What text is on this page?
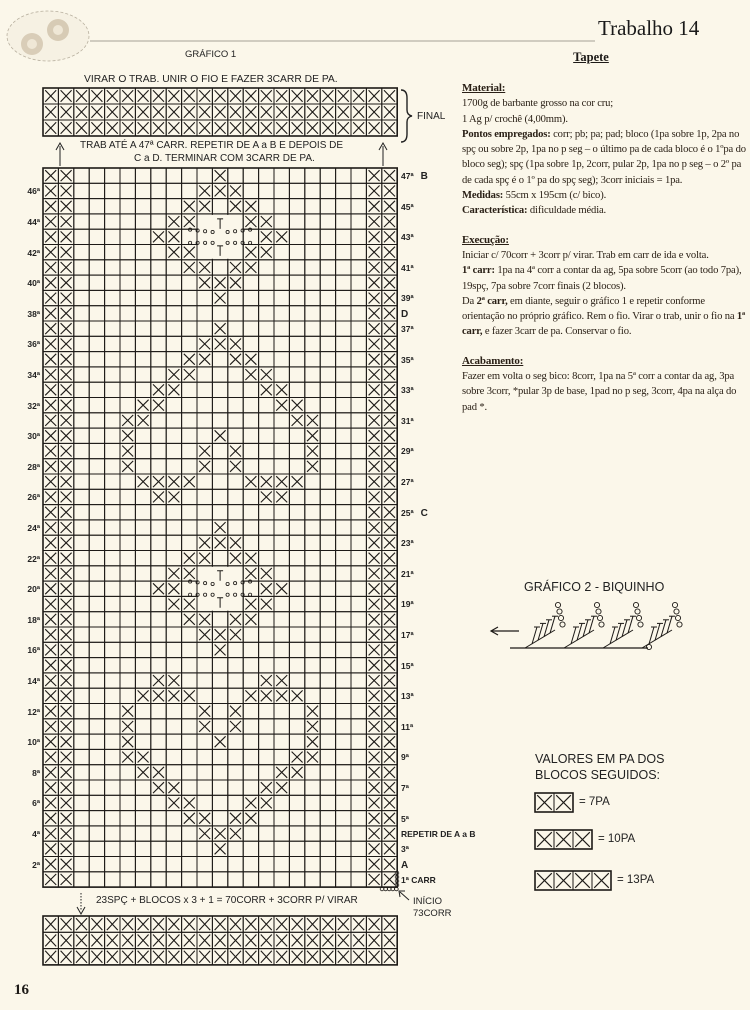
Trabalho 14
Tapete
GRÁFICO 1
VIRAR O TRAB. UNIR O FIO E FAZER 3CARR DE PA.
FINAL
TRAB ATÉ A 47ª CARR. REPETIR DE A a B E DEPOIS DE
C a D. TERMINAR COM 3CARR DE PA.
23SPÇ + BLOCOS x 3 + 1 = 70CORR + 3CORR P/ VIRAR	INÍCIO
73CORR
46ª
44ª
42ª
40ª
38ª
36ª
34ª
32ª
30ª
28ª
26ª
24ª
22ª
20ª
18ª
16ª
14ª
12ª
10ª
8ª
6ª
4ª
2ª
47ª B
45ª
43ª
41ª
39ª
D
37ª
35ª
33ª
31ª
29ª
27ª
25ª C
23ª
21ª
19ª
17ª
15ª
13ª
11ª
9ª
7ª
5ª
REPETIR DE A a B
3ª
A
1ª CARR
Material:

1700g de barbante grosso na cor cru;

1 Ag p/ crochê (4,00mm).

Pontos empregados: corr; pb; pa; pad; bloco (1pa sobre 1p, 2pa no spç ou sobre 2p, 1pa no p seg – o último pa de cada bloco é o 1ºpa do bloco seg); spç (1pa sobre 1p, 2corr, pular 2p, 1pa no p seg – o 2º pa de cada spç é o 1º pa do spç seg); 3corr iniciais = 1pa.

Medidas: 55cm x 195cm (c/ bico).

Característica: dificuldade média.

Execução:

Iniciar c/ 70corr + 3corr p/ virar. Trab em carr de ida e volta.

1ª carr: 1pa na 4ª corr a contar da ag, 5pa sobre 5corr (ao todo 7pa), 19spç, 7pa sobre 7corr finais (2 blocos).

Da 2ª carr, em diante, seguir o gráfico 1 e repetir conforme orientação no próprio gráfico. Rem o fio. Virar o trab, unir o fio na 1ª carr, e fazer 3carr de pa. Conservar o fio.

Acabamento:

Fazer em volta o seg bico: 8corr, 1pa na 5ª corr a contar da ag, 3pa sobre 3corr, *pular 3p de base, 1pad no p seg, 3corr, 4pa na alça do pad *.

GRÁFICO 2 - BIQUINHO
VALORES EM PA DOS
BLOCOS SEGUIDOS:
= 7PA
= 10PA
= 13PA
16
